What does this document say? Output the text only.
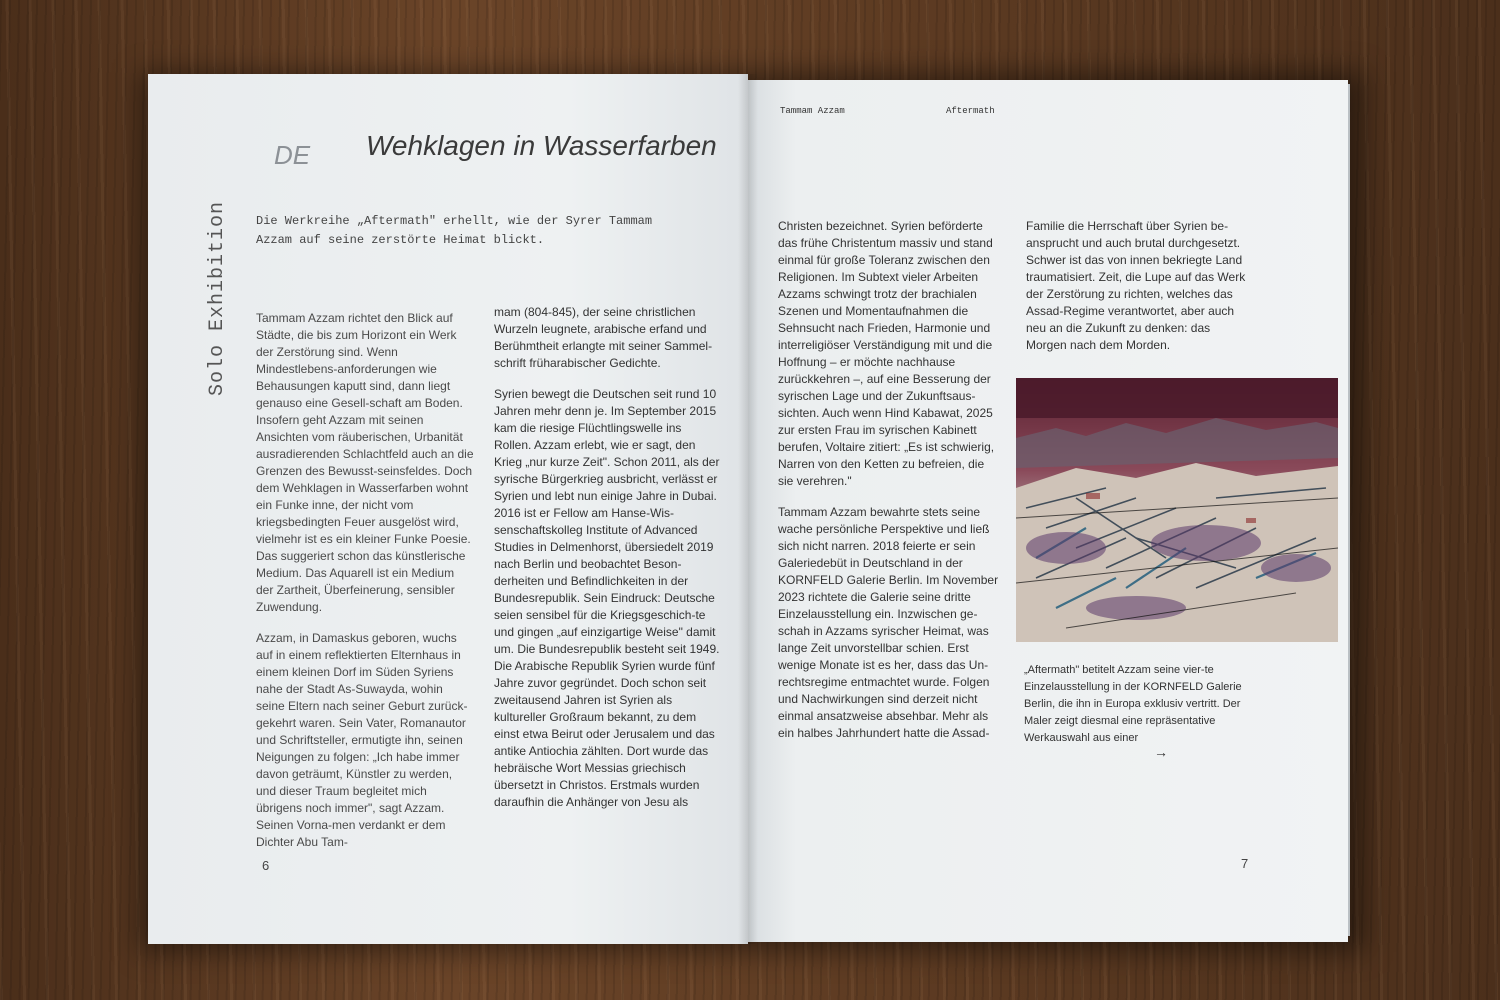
Solo Exhibition
DE Wehklagen in Wasserfarben
Die Werkreihe „Aftermath" erhellt, wie der Syrer Tammam Azzam auf seine zerstörte Heimat blickt.

Tammam Azzam richtet den Blick auf Städte, die bis zum Horizont ein Werk der Zerstörung sind. Wenn Mindestlebens-anforderungen wie Behausungen kaputt sind, dann liegt genauso eine Gesell-schaft am Boden. Insofern geht Azzam mit seinen Ansichten vom räuberischen, Urbanität ausradierenden Schlachtfeld auch an die Grenzen des Bewusst-seinsfeldes. Doch dem Wehklagen in Wasserfarben wohnt ein Funke inne, der nicht vom kriegsbedingten Feuer ausgelöst wird, vielmehr ist es ein kleiner Funke Poesie. Das suggeriert schon das künstlerische Medium. Das Aquarell ist ein Medium der Zartheit, Überfeinerung, sensibler Zuwendung.

Azzam, in Damaskus geboren, wuchs auf in einem reflektierten Elternhaus in einem kleinen Dorf im Süden Syriens nahe der Stadt As-Suwayda, wohin seine Eltern nach seiner Geburt zurück-gekehrt waren. Sein Vater, Romanautor und Schriftsteller, ermutigte ihn, seinen Neigungen zu folgen: „Ich habe immer davon geträumt, Künstler zu werden, und dieser Traum begleitet mich übrigens noch immer", sagt Azzam. Seinen Vorna-men verdankt er dem Dichter Abu Tam-

mam (804-845), der seine christlichen Wurzeln leugnete, arabische erfand und Berühmtheit erlangte mit seiner Sammel-schrift früharabischer Gedichte.

Syrien bewegt die Deutschen seit rund 10 Jahren mehr denn je. Im September 2015 kam die riesige Flüchtlingswelle ins Rollen. Azzam erlebt, wie er sagt, den Krieg „nur kurze Zeit". Schon 2011, als der syrische Bürgerkrieg ausbricht, verlässt er Syrien und lebt nun einige Jahre in Dubai. 2016 ist er Fellow am Hanse-Wis-senschaftskolleg Institute of Advanced Studies in Delmenhorst, übersiedelt 2019 nach Berlin und beobachtet Beson-derheiten und Befindlichkeiten in der Bundesrepublik. Sein Eindruck: Deutsche seien sensibel für die Kriegsgeschich-te und gingen „auf einzigartige Weise" damit um. Die Bundesrepublik besteht seit 1949. Die Arabische Republik Syrien wurde fünf Jahre zuvor gegründet. Doch schon seit zweitausend Jahren ist Syrien als kultureller Großraum bekannt, zu dem einst etwa Beirut oder Jerusalem und das antike Antiochia zählten. Dort wurde das hebräische Wort Messias griechisch übersetzt in Christos. Erstmals wurden daraufhin die Anhänger von Jesu als

6
Tammam Azzam	Aftermath

Christen bezeichnet. Syrien beförderte das frühe Christentum massiv und stand einmal für große Toleranz zwischen den Religionen. Im Subtext vieler Arbeiten Azzams schwingt trotz der brachialen Szenen und Momentaufnahmen die Sehnsucht nach Frieden, Harmonie und interreligiöser Verständigung mit und die Hoffnung – er möchte nachhause zurückkehren –, auf eine Besserung der syrischen Lage und der Zukunftsaus-sichten. Auch wenn Hind Kabawat, 2025 zur ersten Frau im syrischen Kabinett berufen, Voltaire zitiert: „Es ist schwierig, Narren von den Ketten zu befreien, die sie verehren."

Tammam Azzam bewahrte stets seine wache persönliche Perspektive und ließ sich nicht narren. 2018 feierte er sein Galeriedebüt in Deutschland in der KORNFELD Galerie Berlin. Im November 2023 richtete die Galerie seine dritte Einzelausstellung ein. Inzwischen ge-schah in Azzams syrischer Heimat, was lange Zeit unvorstellbar schien. Erst wenige Monate ist es her, dass das Un-rechtsregime entmachtet wurde. Folgen und Nachwirkungen sind derzeit nicht einmal ansatzweise absehbar. Mehr als ein halbes Jahrhundert hatte die Assad-

Familie die Herrschaft über Syrien be-ansprucht und auch brutal durchgesetzt. Schwer ist das von innen bekriegte Land traumatisiert. Zeit, die Lupe auf das Werk der Zerstörung zu richten, welches das Assad-Regime verantwortet, aber auch neu an die Zukunft zu denken: das Morgen nach dem Morden.

„Aftermath" betitelt Azzam seine vier-te Einzelausstellung in der KORNFELD Galerie Berlin, die ihn in Europa exklusiv vertritt. Der Maler zeigt diesmal eine repräsentative Werkauswahl aus einer
→
7
